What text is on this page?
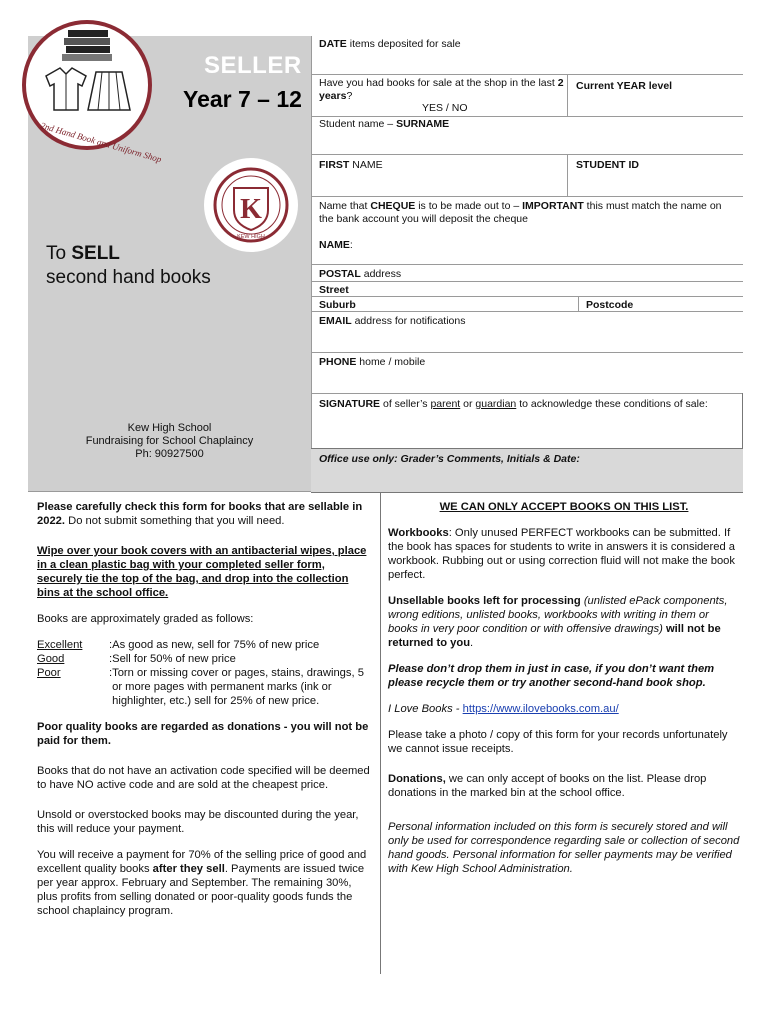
2nd Hand Book and Uniform Shop
SELLER
Year 7 – 12
K
KEW HIGH
To SELL
second hand books
Kew High School
Fundraising for School Chaplaincy
Ph: 90927500
DATE items deposited for sale
Have you had books for sale at the shop in the last 2 years?
YES / NO
Current YEAR level
Student name – SURNAME
FIRST NAME	STUDENT ID
Name that CHEQUE is to be made out to – IMPORTANT this must match the name on the bank account you will deposit the cheque
NAME:
POSTAL address
Street
Suburb	Postcode
EMAIL address for notifications
PHONE home / mobile
SIGNATURE of seller’s parent or guardian to acknowledge these conditions of sale:
Office use only: Grader’s Comments, Initials & Date:

Please carefully check this form for books that are sellable in 2022. Do not submit something that you will need.

Wipe over your book covers with an antibacterial wipes, place in a clean plastic bag with your completed seller form, securely tie the top of the bag, and drop into the collection bins at the school office.

Books are approximately graded as follows:

Excellent	: As good as new, sell for 75% of new price
Good	: Sell for 50% of new price
Poor	: Torn or missing cover or pages, stains, drawings, 5 or more pages with permanent marks (ink or highlighter, etc.) sell for 25% of new price.

Poor quality books are regarded as donations - you will not be paid for them.

Books that do not have an activation code specified will be deemed to have NO active code and are sold at the cheapest price.

Unsold or overstocked books may be discounted during the year, this will reduce your payment.

You will receive a payment for 70% of the selling price of good and excellent quality books after they sell. Payments are issued twice per year approx. February and September. The remaining 30%, plus profits from selling donated or poor-quality goods funds the school chaplaincy program.

WE CAN ONLY ACCEPT BOOKS ON THIS LIST.

Workbooks: Only unused PERFECT workbooks can be submitted. If the book has spaces for students to write in answers it is considered a workbook. Rubbing out or using correction fluid will not make the book perfect.

Unsellable books left for processing (unlisted ePack components, wrong editions, unlisted books, workbooks with writing in them or books in very poor condition or with offensive drawings) will not be returned to you.

Please don’t drop them in just in case, if you don’t want them please recycle them or try another second-hand book shop.

I Love Books - https://www.ilovebooks.com.au/

Please take a photo / copy of this form for your records unfortunately we cannot issue receipts.

Donations, we can only accept of books on the list. Please drop donations in the marked bin at the school office.

Personal information included on this form is securely stored and will only be used for correspondence regarding sale or collection of second hand goods. Personal information for seller payments may be verified with Kew High School Administration.
